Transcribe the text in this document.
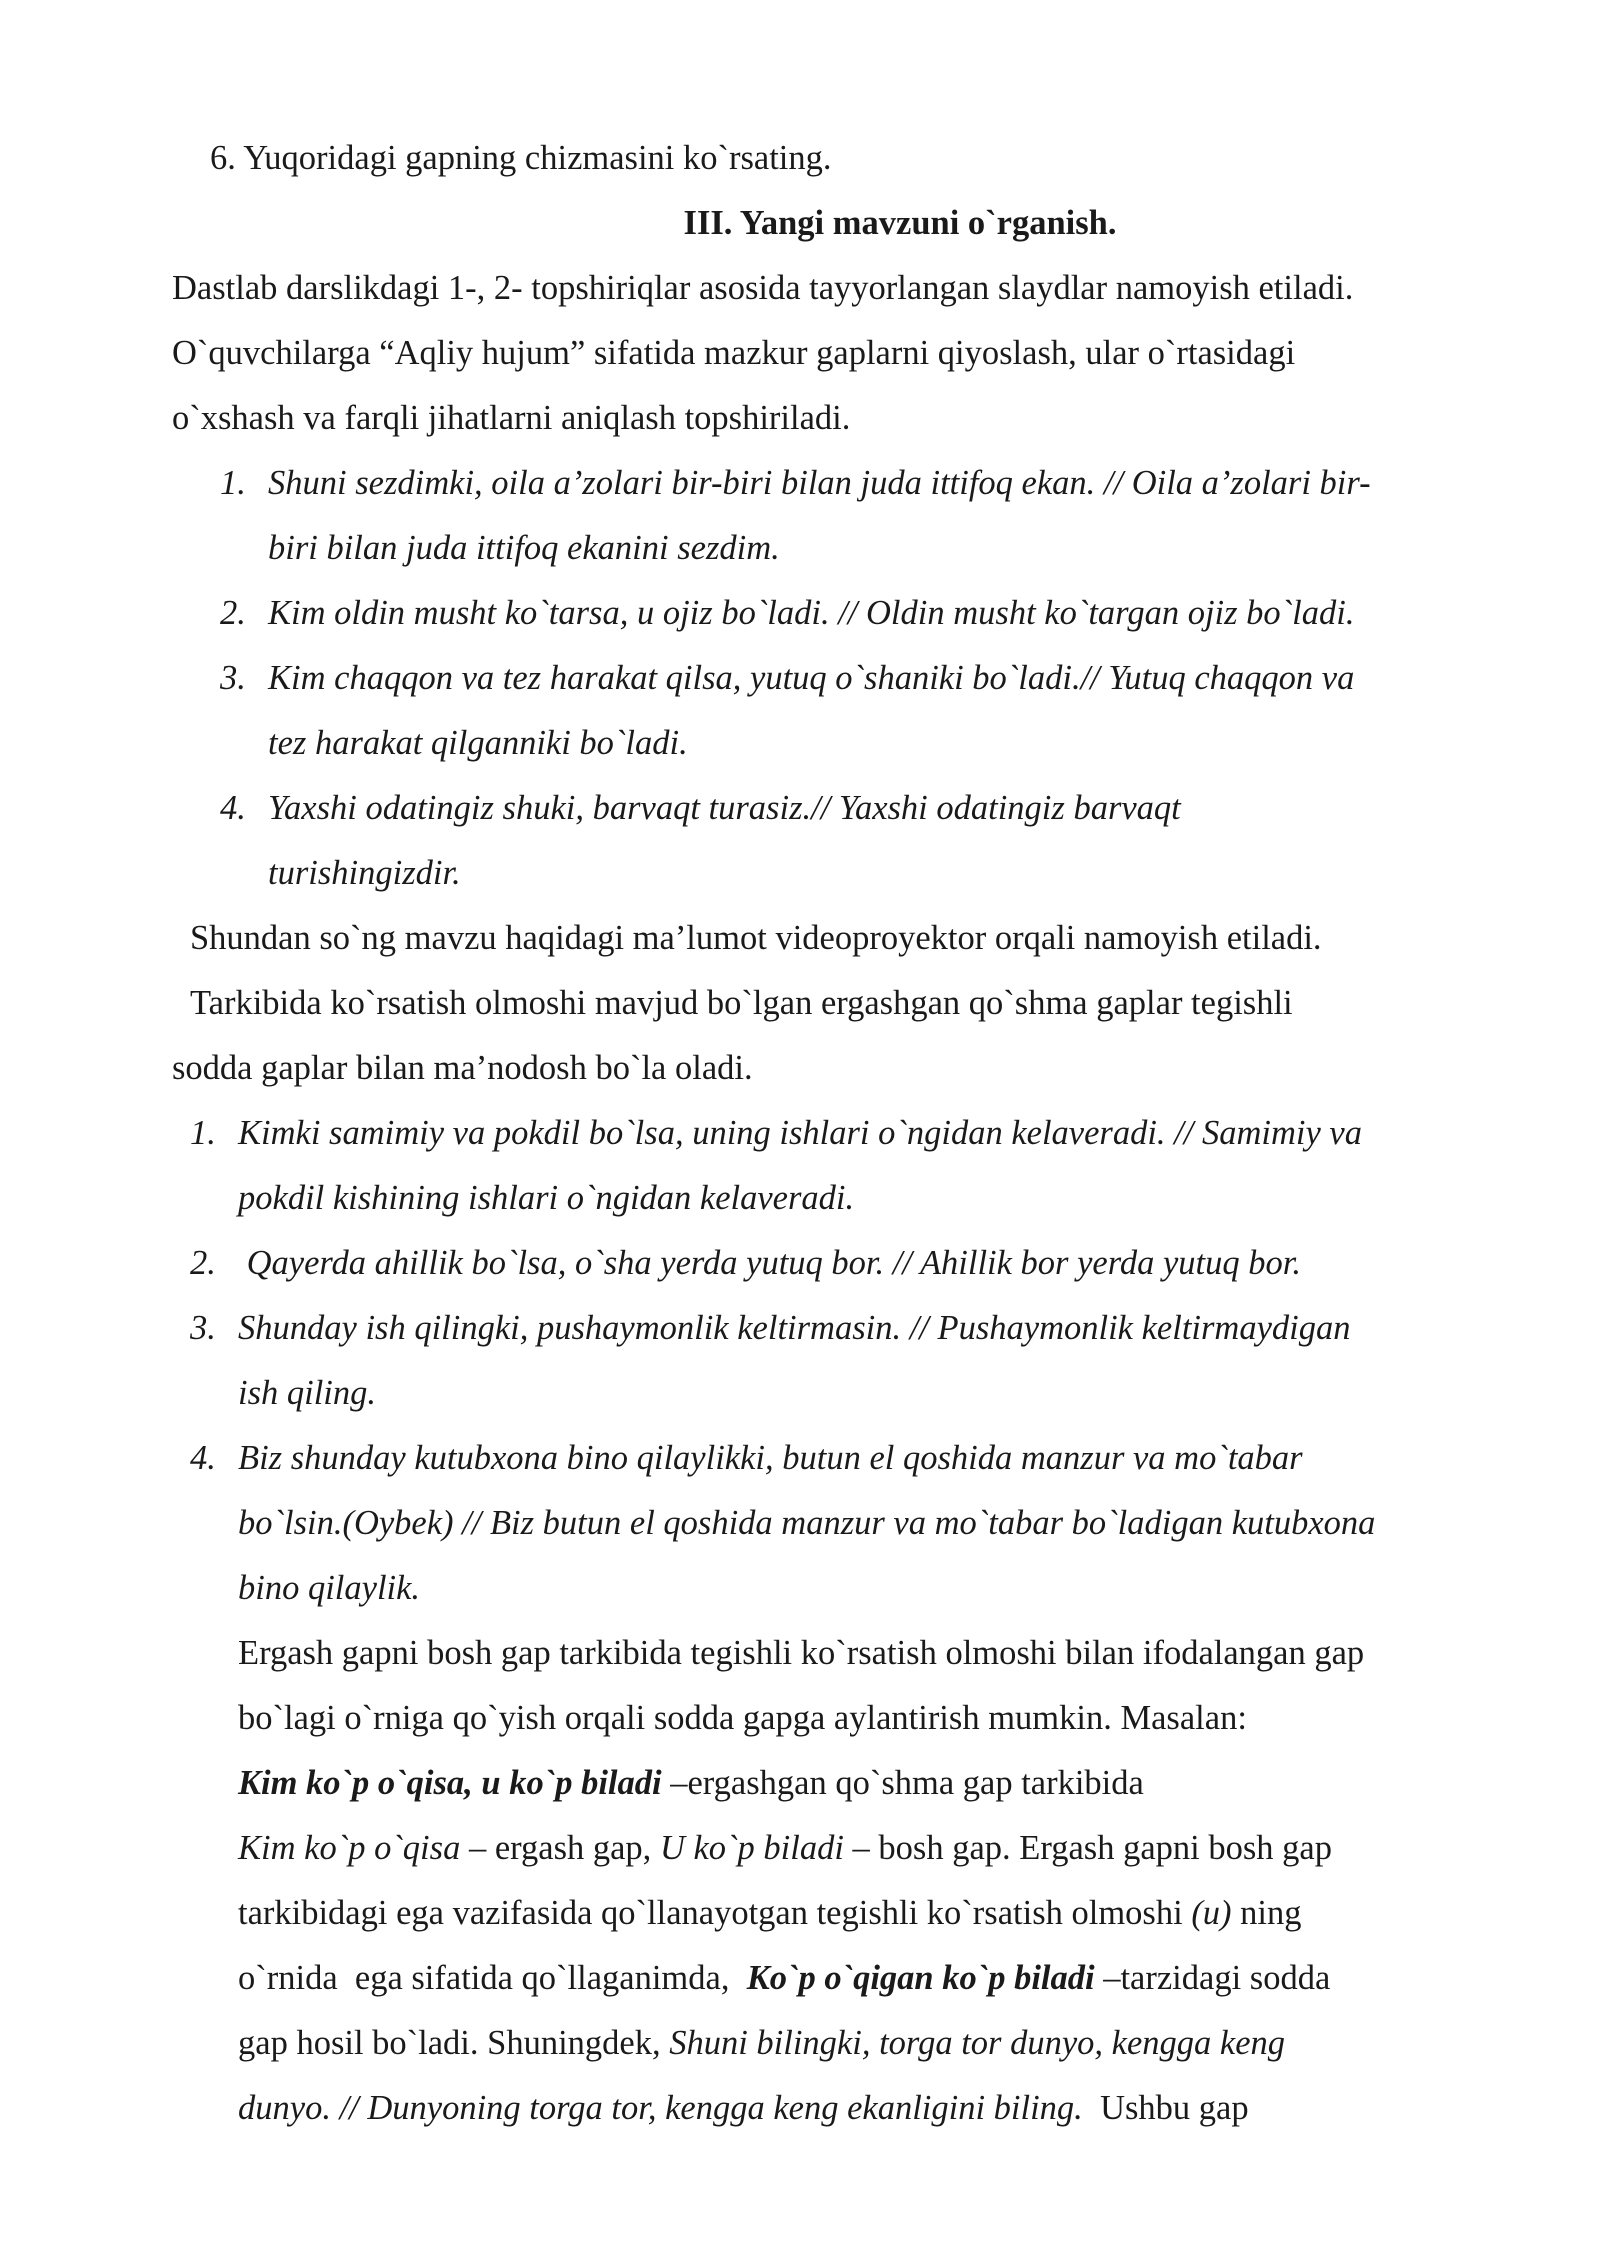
6. Yuqoridagi gapning chizmasini ko`rsating.
III. Yangi mavzuni o`rganish.
Dastlab darslikdagi 1-, 2- topshiriqlar asosida tayyorlangan slaydlar namoyish etiladi.
O`quvchilarga “Aqliy hujum” sifatida mazkur gaplarni qiyoslash, ular o`rtasidagi
o`xshash va farqli jihatlarni aniqlash topshiriladi.
1. Shuni sezdimki, oila a’zolari bir-biri bilan juda ittifoq ekan. // Oila a’zolari bir-
biri bilan juda ittifoq ekanini sezdim.
2. Kim oldin musht ko`tarsa, u ojiz bo`ladi. // Oldin musht ko`targan ojiz bo`ladi.
3. Kim chaqqon va tez harakat qilsa, yutuq o`shaniki bo`ladi.// Yutuq chaqqon va
tez harakat qilganniki bo`ladi.
4. Yaxshi odatingiz shuki, barvaqt turasiz.// Yaxshi odatingiz barvaqt
turishingizdir.
Shundan so`ng mavzu haqidagi ma’lumot videoproyektor orqali namoyish etiladi.
Tarkibida ko`rsatish olmoshi mavjud bo`lgan ergashgan qo`shma gaplar tegishli
sodda gaplar bilan ma’nodosh bo`la oladi.
1. Kimki samimiy va pokdil bo`lsa, uning ishlari o`ngidan kelaveradi. // Samimiy va
pokdil kishining ishlari o`ngidan kelaveradi.
2. Qayerda ahillik bo`lsa, o`sha yerda yutuq bor. // Ahillik bor yerda yutuq bor.
3. Shunday ish qilingki, pushaymonlik keltirmasin. // Pushaymonlik keltirmaydigan
ish qiling.
4. Biz shunday kutubxona bino qilaylikki, butun el qoshida manzur va mo`tabar
bo`lsin.(Oybek) // Biz butun el qoshida manzur va mo`tabar bo`ladigan kutubxona
bino qilaylik.
Ergash gapni bosh gap tarkibida tegishli ko`rsatish olmoshi bilan ifodalangan gap
bo`lagi o`rniga qo`yish orqali sodda gapga aylantirish mumkin. Masalan:
Kim ko`p o`qisa, u ko`p biladi –ergashgan qo`shma gap tarkibida
Kim ko`p o`qisa – ergash gap, U ko`p biladi – bosh gap. Ergash gapni bosh gap
tarkibidagi ega vazifasida qo`llanayotgan tegishli ko`rsatish olmoshi (u) ning
o`rnida  ega sifatida qo`llaganimda,  Ko`p o`qigan ko`p biladi –tarzidagi sodda
gap hosil bo`ladi. Shuningdek, Shuni bilingki, torga tor dunyo, kengga keng
dunyo. // Dunyoning torga tor, kengga keng ekanligini biling.  Ushbu gap
